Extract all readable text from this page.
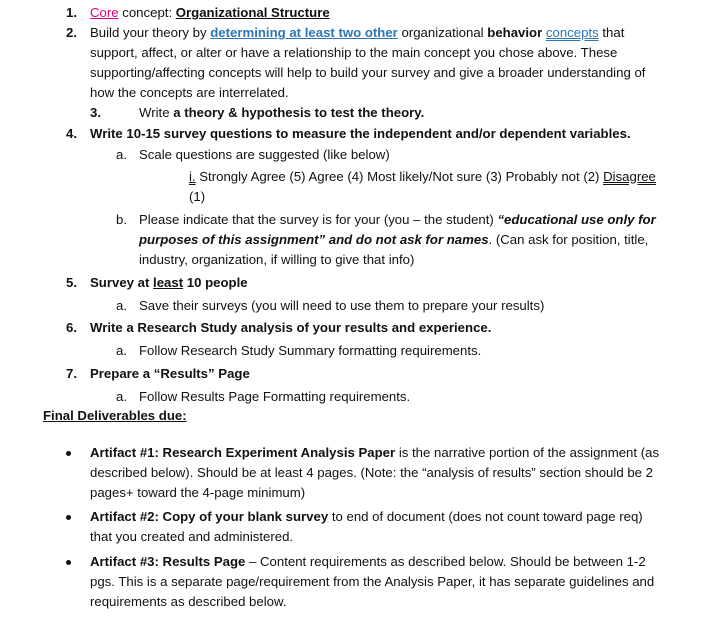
1. Core concept: Organizational Structure
2. Build your theory by determining at least two other organizational behavior concepts that
support, affect, or alter or have a relationship to the main concept you chose above. These
supporting/affecting concepts will help to build your survey and give a broader understanding of
how the concepts are interrelated.
3.	Write a theory & hypothesis to test the theory.
4. Write 10-15 survey questions to measure the independent and/or dependent variables.
a. Scale questions are suggested (like below)
i. Strongly Agree (5) Agree (4) Most likely/Not sure (3) Probably not (2) Disagree
(1)
b. Please indicate that the survey is for your (you – the student) “educational use only for
purposes of this assignment” and do not ask for names. (Can ask for position, title,
industry, organization, if willing to give that info)
5. Survey at least 10 people
a. Save their surveys (you will need to use them to prepare your results)
6. Write a Research Study analysis of your results and experience.
a. Follow Research Study Summary formatting requirements.
7. Prepare a “Results” Page
a. Follow Results Page Formatting requirements.
Final Deliverables due:
Artifact #1: Research Experiment Analysis Paper is the narrative portion of the assignment (as
described below). Should be at least 4 pages. (Note: the “analysis of results” section should be 2
pages+ toward the 4-page minimum)
Artifact #2: Copy of your blank survey to end of document (does not count toward page req)
that you created and administered.
Artifact #3: Results Page – Content requirements as described below. Should be between 1-2
pgs. This is a separate page/requirement from the Analysis Paper, it has separate guidelines and
requirements as described below.
